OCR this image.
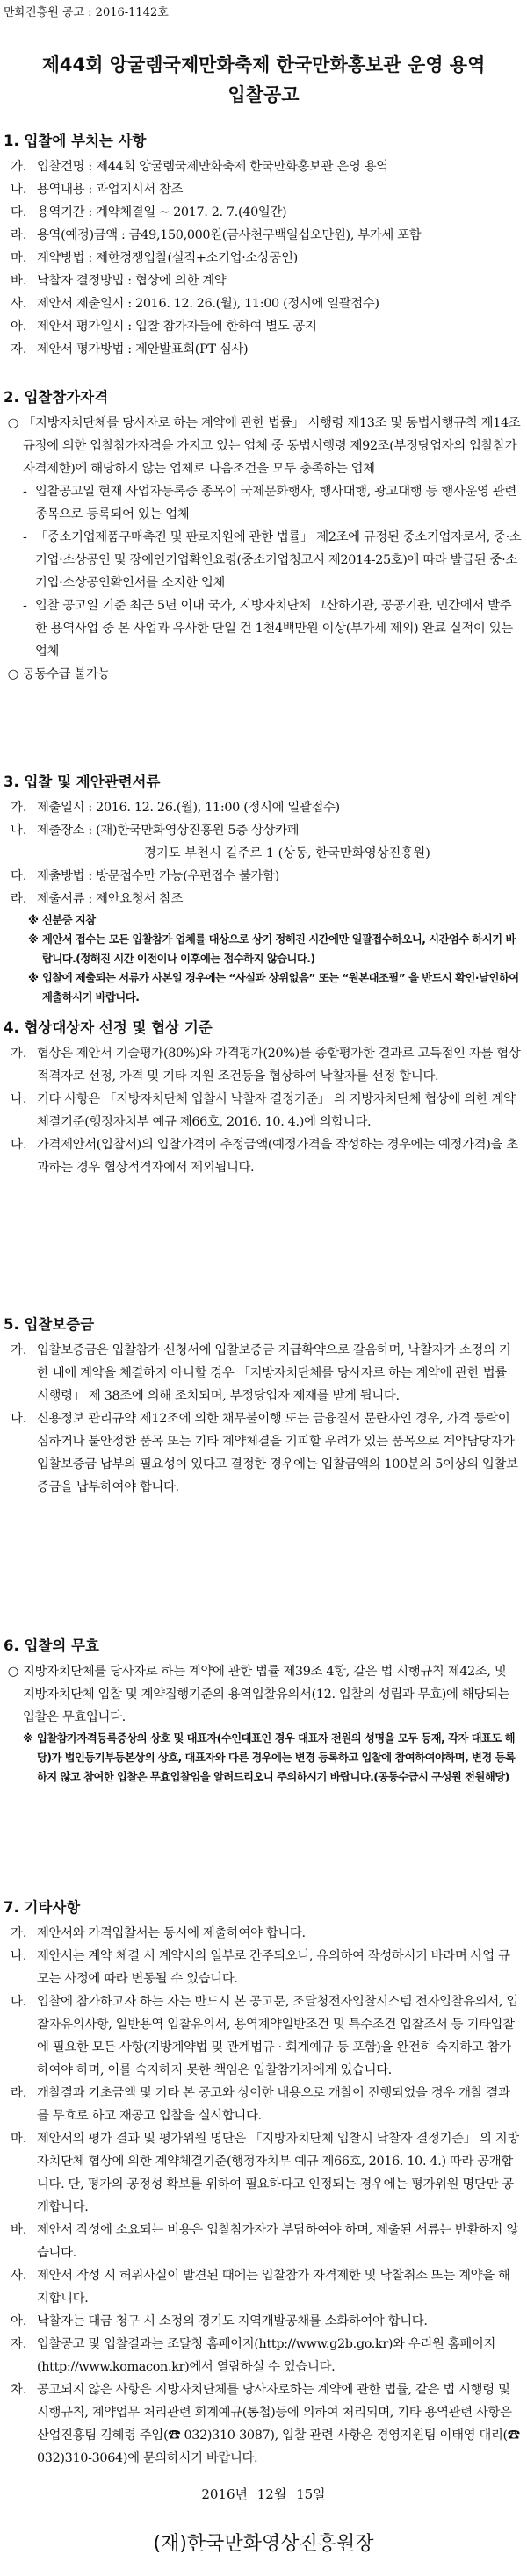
만화진흥원 공고 : 2016-1142호
제44회 앙굴렘국제만화축제 한국만화홍보관 운영 용역
입찰공고
1. 입찰에 부치는 사항
가. 입찰건명 : 제44회 앙굴렘국제만화축제 한국만화홍보관 운영 용역
나. 용역내용 : 과업지시서 참조
다. 용역기간 : 계약체결일 ~ 2017. 2. 7.(40일간)
라. 용역(예정)금액 : 금49,150,000원(금사천구백일십오만원), 부가세 포함
마. 계약방법 : 제한경쟁입찰(실적+소기업·소상공인)
바. 낙찰자 결정방법 : 협상에 의한 계약
사. 제안서 제출일시 : 2016. 12. 26.(월), 11:00 (정시에 일괄접수)
아. 제안서 평가일시 : 입찰 참가자들에 한하여 별도 공지
자. 제안서 평가방법 : 제안발표회(PT 심사)
2. 입찰참가자격
○ 「지방자치단체를 당사자로 하는 계약에 관한 법률」 시행령 제13조 및 동법시행규칙 제14조 규정에 의한 입찰참가자격을 가지고 있는 업체 중 동법시행령 제92조(부정당업자의 입찰참가자격제한)에 해당하지 않는 업체로 다음조건을 모두 충족하는 업체
- 입찰공고일 현재 사업자등록증 종목이 국제문화행사, 행사대행, 광고대행 등 행사운영 관련 종목으로 등록되어 있는 업체
- 「중소기업제품구매촉진 및 판로지원에 관한 법률」 제2조에 규정된 중소기업자로서, 중·소기업·소상공인 및 장애인기업확인요령(중소기업청고시 제2014-25호)에 따라 발급된 중·소기업·소상공인확인서를 소지한 업체
- 입찰 공고일 기준 최근 5년 이내 국가, 지방자치단체 그산하기관, 공공기관, 민간에서 발주한 용역사업 중 본 사업과 유사한 단일 건 1천4백만원 이상(부가세 제외) 완료 실적이 있는 업체
○ 공동수급 불가능
3. 입찰 및 제안관련서류
가. 제출일시 : 2016. 12. 26.(월), 11:00 (정시에 일괄접수)
나. 제출장소 : (재)한국만화영상진흥원 5층 상상카페
경기도 부천시 길주로 1 (상동, 한국만화영상진흥원)
다. 제출방법 : 방문접수만 가능(우편접수 불가함)
라. 제출서류 : 제안요청서 참조
※ 신분증 지참
※ 제안서 접수는 모든 입찰참가 업체를 대상으로 상기 정해진 시간에만 일괄접수하오니, 시간엄수 하시기 바랍니다.(정해진 시간 이전이나 이후에는 접수하지 않습니다.)
※ 입찰에 제출되는 서류가 사본일 경우에는 “사실과 상위없음” 또는 “원본대조필” 을 반드시 확인·날인하여 제출하시기 바랍니다.
4. 협상대상자 선정 및 협상 기준
가. 협상은 제안서 기술평가(80%)와 가격평가(20%)를 종합평가한 결과로 고득점인 자를 협상적격자로 선정, 가격 및 기타 지원 조건등을 협상하여 낙찰자를 선정 합니다.
나. 기타 사항은 「지방자치단체 입찰시 낙찰자 결정기준」 의 지방자치단체 협상에 의한 계약체결기준(행정자치부 예규 제66호, 2016. 10. 4.)에 의합니다.
다. 가격제안서(입찰서)의 입찰가격이 추정금액(예정가격을 작성하는 경우에는 예정가격)을 초과하는 경우 협상적격자에서 제외됩니다.
5. 입찰보증금
가. 입찰보증금은 입찰참가 신청서에 입찰보증금 지급확약으로 갈음하며, 낙찰자가 소정의 기한 내에 계약을 체결하지 아니할 경우 「지방자치단체를 당사자로 하는 계약에 관한 법률 시행령」 제 38조에 의해 조치되며, 부정당업자 제재를 받게 됩니다.
나. 신용정보 관리규약 제12조에 의한 채무불이행 또는 금융질서 문란자인 경우, 가격 등락이 심하거나 불안정한 품목 또는 기타 계약체결을 기피할 우려가 있는 품목으로 계약담당자가 입찰보증금 납부의 필요성이 있다고 결정한 경우에는 입찰금액의 100분의 5이상의 입찰보증금을 납부하여야 합니다.
6. 입찰의 무효
○ 지방자치단체를 당사자로 하는 계약에 관한 법률 제39조 4항, 같은 법 시행규칙 제42조, 및 지방자치단체 입찰 및 계약집행기준의 용역입찰유의서(12. 입찰의 성립과 무효)에 해당되는 입찰은 무효입니다.
※ 입찰참가자격등록증상의 상호 및 대표자(수인대표인 경우 대표자 전원의 성명을 모두 등재, 각자 대표도 해당)가 법인등기부등본상의 상호, 대표자와 다른 경우에는 변경 등록하고 입찰에 참여하여야하며, 변경 등록하지 않고 참여한 입찰은 무효입찰임을 알려드리오니 주의하시기 바랍니다.(공동수급시 구성원 전원해당)
7. 기타사항
가. 제안서와 가격입찰서는 동시에 제출하여야 합니다.
나. 제안서는 계약 체결 시 계약서의 일부로 간주되오니, 유의하여 작성하시기 바라며 사업 규모는 사정에 따라 변동될 수 있습니다.
다. 입찰에 참가하고자 하는 자는 반드시 본 공고문, 조달청전자입찰시스템 전자입찰유의서, 입찰자유의사항, 일반용역 입찰유의서, 용역계약일반조건 및 특수조건 입찰조서 등 기타입찰에 필요한 모든 사항(지방계약법 및 관계법규 · 회계예규 등 포함)을 완전히 숙지하고 참가하여야 하며, 이를 숙지하지 못한 책임은 입찰참가자에게 있습니다.
라. 개찰결과 기초금액 및 기타 본 공고와 상이한 내용으로 개찰이 진행되었을 경우 개찰 결과를 무효로 하고 재공고 입찰을 실시합니다.
마. 제안서의 평가 결과 및 평가위원 명단은 「지방자치단체 입찰시 낙찰자 결정기준」 의 지방자치단체 협상에 의한 계약체결기준(행정자치부 예규 제66호, 2016. 10. 4.) 따라 공개합니다. 단, 평가의 공정성 확보를 위하여 필요하다고 인정되는 경우에는 평가위원 명단만 공개합니다.
바. 제안서 작성에 소요되는 비용은 입찰참가자가 부담하여야 하며, 제출된 서류는 반환하지 않습니다.
사. 제안서 작성 시 허위사실이 발견된 때에는 입찰참가 자격제한 및 낙찰취소 또는 계약을 해지합니다.
아. 낙찰자는 대금 청구 시 소정의 경기도 지역개발공채를 소화하여야 합니다.
자. 입찰공고 및 입찰결과는 조달청 홈페이지(http://www.g2b.go.kr)와 우리원 홈페이지(http://www.komacon.kr)에서 열람하실 수 있습니다.
차. 공고되지 않은 사항은 지방자치단체를 당사자로하는 계약에 관한 법률, 같은 법 시행령 및 시행규칙, 계약업무 처리관련 회계예규(통첩)등에 의하여 처리되며, 기타 용역관련 사항은 산업진흥팀 김혜령 주임(☎ 032)310-3087), 입찰 관련 사항은 경영지원팀 이태영 대리(☎ 032)310-3064)에 문의하시기 바랍니다.
2016년 12월 15일
(재)한국만화영상진흥원장
